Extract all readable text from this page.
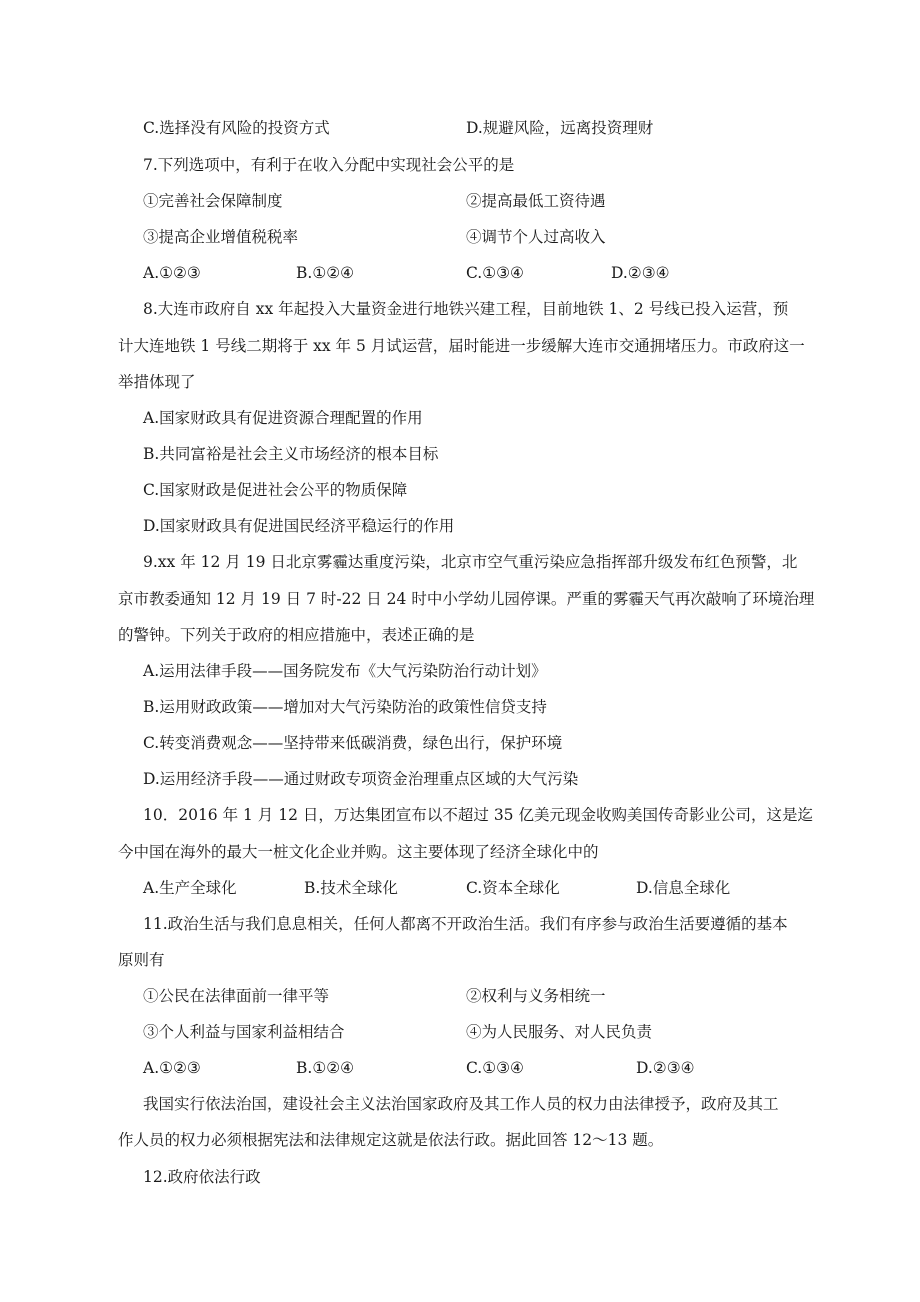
C.选择没有风险的投资方式	D.规避风险，远离投资理财
7.下列选项中，有利于在收入分配中实现社会公平的是
①完善社会保障制度	②提高最低工资待遇
③提高企业增值税税率	④调节个人过高收入
A.①②③	B.①②④	C.①③④	D.②③④
8.大连市政府自 xx 年起投入大量资金进行地铁兴建工程，目前地铁 1、2 号线已投入运营，预
计大连地铁 1 号线二期将于 xx 年 5 月试运营，届时能进一步缓解大连市交通拥堵压力。市政府这一
举措体现了
A.国家财政具有促进资源合理配置的作用
B.共同富裕是社会主义市场经济的根本目标
C.国家财政是促进社会公平的物质保障
D.国家财政具有促进国民经济平稳运行的作用
9.xx 年 12 月 19 日北京雾霾达重度污染，北京市空气重污染应急指挥部升级发布红色预警，北
京市教委通知 12 月 19 日 7 时-22 日 24 时中小学幼儿园停课。严重的雾霾天气再次敲响了环境治理
的警钟。下列关于政府的相应措施中，表述正确的是
A.运用法律手段——国务院发布《大气污染防治行动计划》
B.运用财政政策——增加对大气污染防治的政策性信贷支持
C.转变消费观念——坚持带来低碳消费，绿色出行，保护环境
D.运用经济手段——通过财政专项资金治理重点区域的大气污染
10．2016 年 1 月 12 日，万达集团宣布以不超过 35 亿美元现金收购美国传奇影业公司，这是迄
今中国在海外的最大一桩文化企业并购。这主要体现了经济全球化中的
A.生产全球化	B.技术全球化	C.资本全球化	D.信息全球化
11.政治生活与我们息息相关，任何人都离不开政治生活。我们有序参与政治生活要遵循的基本
原则有
①公民在法律面前一律平等	②权利与义务相统一
③个人利益与国家利益相结合	④为人民服务、对人民负责
A.①②③	B.①②④	C.①③④	D.②③④
我国实行依法治国，建设社会主义法治国家政府及其工作人员的权力由法律授予，政府及其工
作人员的权力必须根据宪法和法律规定这就是依法行政。据此回答 12～13 题。
12.政府依法行政
